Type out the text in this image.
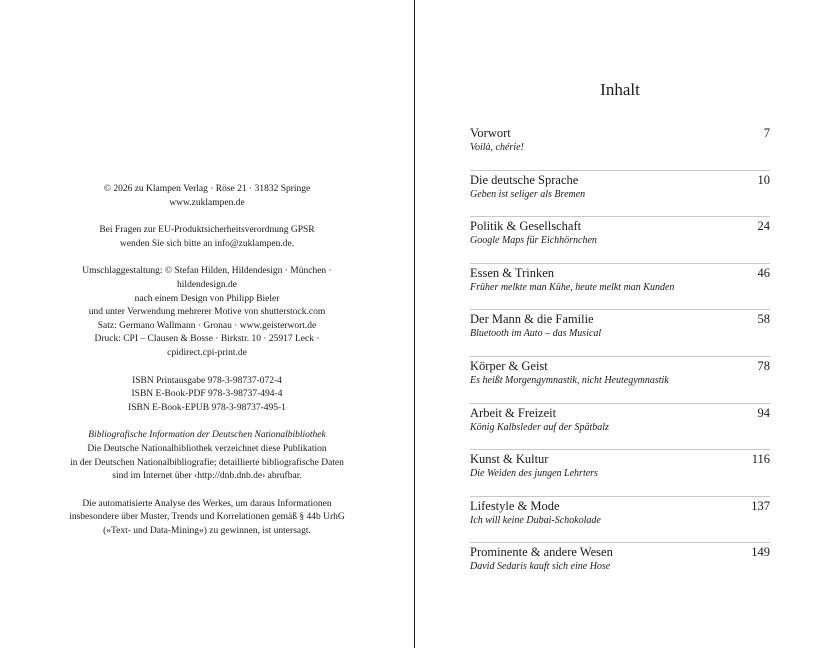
© 2026 zu Klampen Verlag · Röse 21 · 31832 Springe
www.zuklampen.de
Bei Fragen zur EU-Produktsicherheitsverordnung GPSR
wenden Sie sich bitte an info@zuklampen.de.
Umschlaggestaltung: © Stefan Hilden, Hildendesign · München ·
hildendesign.de
nach einem Design von Philipp Bieler
und unter Verwendung mehrerer Motive von shutterstock.com
Satz: Germano Wallmann · Gronau · www.geisterwort.de
Druck: CPI – Clausen & Bosse · Birkstr. 10 · 25917 Leck ·
cpidirect.cpi-print.de
ISBN Printausgabe 978-3-98737-072-4
ISBN E-Book-PDF 978-3-98737-494-4
ISBN E-Book-EPUB 978-3-98737-495-1
Bibliografische Information der Deutschen Nationalbibliothek
Die Deutsche Nationalbibliothek verzeichnet diese Publikation
in der Deutschen Nationalbibliografie; detaillierte bibliografische Daten
sind im Internet über ‹http://dnb.dnb.de› abrufbar.
Die automatisierte Analyse des Werkes, um daraus Informationen
insbesondere über Muster, Trends und Korrelationen gemäß § 44b UrhG
(»Text- und Data-Mining«) zu gewinnen, ist untersagt.
Inhalt
Vorwort	7
Voilà, chérie!
Die deutsche Sprache	10
Geben ist seliger als Bremen
Politik & Gesellschaft	24
Google Maps für Eichhörnchen
Essen & Trinken	46
Früher melkte man Kühe, heute melkt man Kunden
Der Mann & die Familie	58
Bluetooth im Auto – das Musical
Körper & Geist	78
Es heißt Morgengymnastik, nicht Heutegymnastik
Arbeit & Freizeit	94
König Kalbsleder auf der Spätbalz
Kunst & Kultur	116
Die Weiden des jungen Lehrters
Lifestyle & Mode	137
Ich will keine Dubai-Schokolade
Prominente & andere Wesen	149
David Sedaris kauft sich eine Hose
